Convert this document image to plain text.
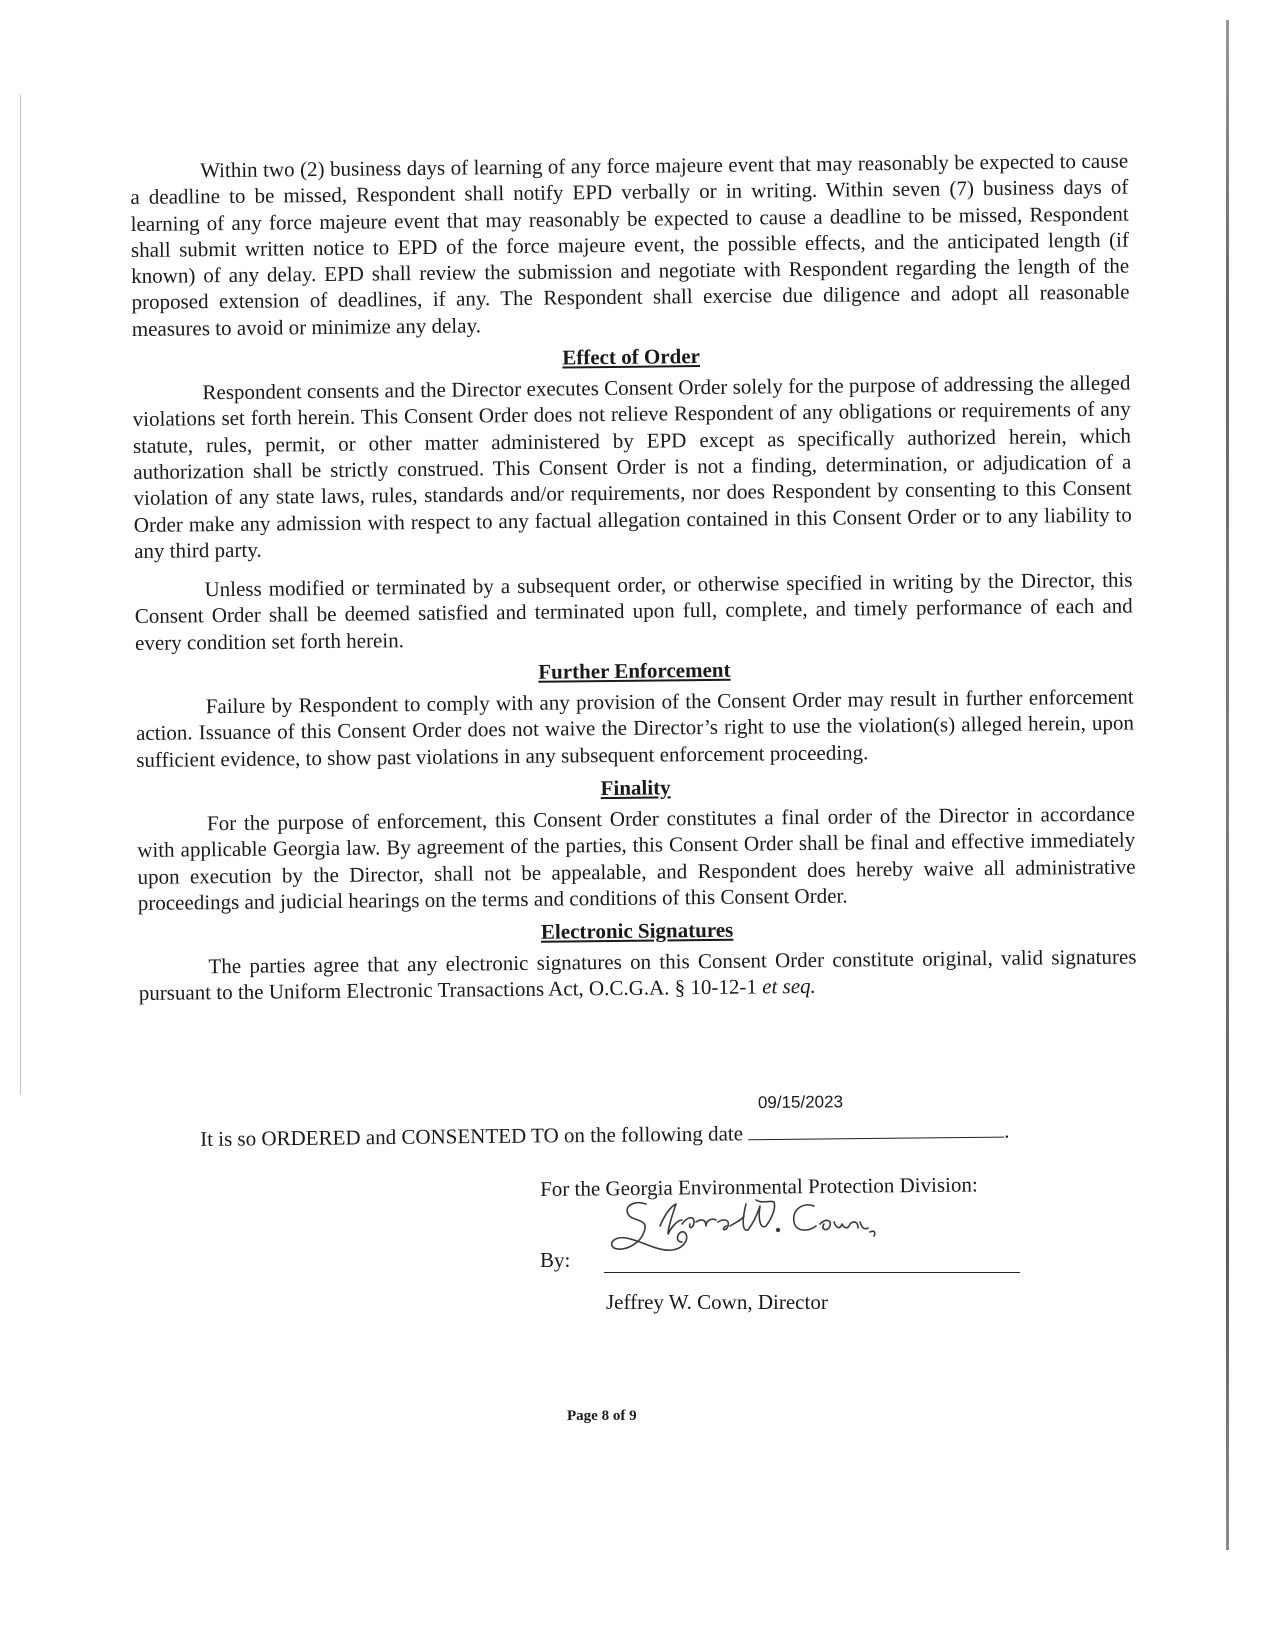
Within two (2) business days of learning of any force majeure event that may reasonably be expected to cause a deadline to be missed, Respondent shall notify EPD verbally or in writing. Within seven (7) business days of learning of any force majeure event that may reasonably be expected to cause a deadline to be missed, Respondent shall submit written notice to EPD of the force majeure event, the possible effects, and the anticipated length (if known) of any delay. EPD shall review the submission and negotiate with Respondent regarding the length of the proposed extension of deadlines, if any. The Respondent shall exercise due diligence and adopt all reasonable measures to avoid or minimize any delay.

Effect of Order

Respondent consents and the Director executes Consent Order solely for the purpose of addressing the alleged violations set forth herein. This Consent Order does not relieve Respondent of any obligations or requirements of any statute, rules, permit, or other matter administered by EPD except as specifically authorized herein, which authorization shall be strictly construed. This Consent Order is not a finding, determination, or adjudication of a violation of any state laws, rules, standards and/or requirements, nor does Respondent by consenting to this Consent Order make any admission with respect to any factual allegation contained in this Consent Order or to any liability to any third party.

Unless modified or terminated by a subsequent order, or otherwise specified in writing by the Director, this Consent Order shall be deemed satisfied and terminated upon full, complete, and timely performance of each and every condition set forth herein.

Further Enforcement

Failure by Respondent to comply with any provision of the Consent Order may result in further enforcement action. Issuance of this Consent Order does not waive the Director’s right to use the violation(s) alleged herein, upon sufficient evidence, to show past violations in any subsequent enforcement proceeding.

Finality

For the purpose of enforcement, this Consent Order constitutes a final order of the Director in accordance with applicable Georgia law. By agreement of the parties, this Consent Order shall be final and effective immediately upon execution by the Director, shall not be appealable, and Respondent does hereby waive all administrative proceedings and judicial hearings on the terms and conditions of this Consent Order.

Electronic Signatures

The parties agree that any electronic signatures on this Consent Order constitute original, valid signatures pursuant to the Uniform Electronic Transactions Act, O.C.G.A. § 10-12-1 et seq.

It is so ORDERED and CONSENTED TO on the following date
09/15/2023
.
For the Georgia Environmental Protection Division:
By:
Jeffrey W. Cown, Director
Page 8 of 9
